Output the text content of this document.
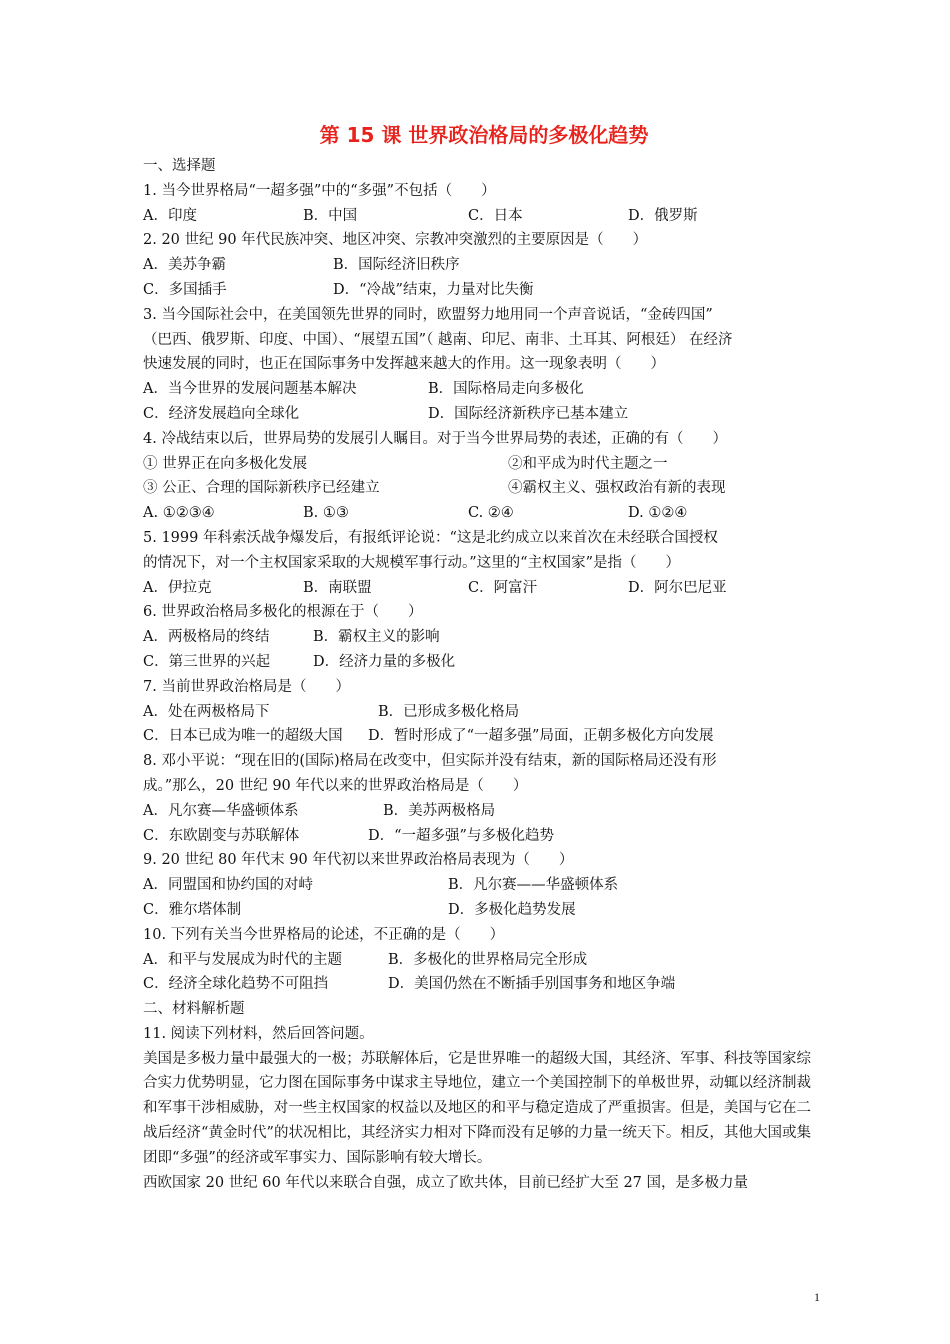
第 15 课 世界政治格局的多极化趋势
一、选择题
1. 当今世界格局“一超多强”中的“多强”不包括（　　）
A．印度	B．中国	C．日本	D．俄罗斯
2. 20 世纪 90 年代民族冲突、地区冲突、宗教冲突激烈的主要原因是（　　）
A．美苏争霸	B．国际经济旧秩序
C．多国插手	D．“冷战”结束，力量对比失衡
3. 当今国际社会中，在美国领先世界的同时，欧盟努力地用同一个声音说话，“金砖四国”
（巴西、俄罗斯、印度、中国）、“展望五国”（ 越南、印尼、南非、土耳其、阿根廷） 在经济
快速发展的同时，也正在国际事务中发挥越来越大的作用。这一现象表明（　　）
A．当今世界的发展问题基本解决	B．国际格局走向多极化
C．经济发展趋向全球化	D．国际经济新秩序已基本建立
4. 冷战结束以后，世界局势的发展引人瞩目。对于当今世界局势的表述，正确的有（　　）
① 世界正在向多极化发展	②和平成为时代主题之一
③ 公正、合理的国际新秩序已经建立	④霸权主义、强权政治有新的表现
A. ①②③④	B. ①③	C. ②④	D. ①②④
5. 1999 年科索沃战争爆发后，有报纸评论说：“这是北约成立以来首次在未经联合国授权
的情况下，对一个主权国家采取的大规模军事行动。”这里的“主权国家”是指（　　）
A．伊拉克	B．南联盟	C．阿富汗	D．阿尔巴尼亚
6. 世界政治格局多极化的根源在于（　　）
A．两极格局的终结	B．霸权主义的影响
C．第三世界的兴起	D．经济力量的多极化
7. 当前世界政治格局是（　　）
A．处在两极格局下	B．已形成多极化格局
C．日本已成为唯一的超级大国	D．暂时形成了“一超多强”局面，正朝多极化方向发展
8. 邓小平说：“现在旧的(国际)格局在改变中，但实际并没有结束，新的国际格局还没有形
成。”那么，20 世纪 90 年代以来的世界政治格局是（　　）
A．凡尔赛—华盛顿体系	B．美苏两极格局
C．东欧剧变与苏联解体	D．“一超多强”与多极化趋势
9. 20 世纪 80 年代末 90 年代初以来世界政治格局表现为（　　）
A．同盟国和协约国的对峙	B．凡尔赛——华盛顿体系
C．雅尔塔体制	D．多极化趋势发展
10. 下列有关当今世界格局的论述，不正确的是（　　）
A．和平与发展成为时代的主题	B．多极化的世界格局完全形成
C．经济全球化趋势不可阻挡	D．美国仍然在不断插手别国事务和地区争端
二、材料解析题
11. 阅读下列材料，然后回答问题。
美国是多极力量中最强大的一极；苏联解体后，它是世界唯一的超级大国，其经济、军事、科技等国家综合实力优势明显，它力图在国际事务中谋求主导地位，建立一个美国控制下的单极世界，动辄以经济制裁和军事干涉相威胁，对一些主权国家的权益以及地区的和平与稳定造成了严重损害。但是，美国与它在二战后经济“黄金时代”的状况相比，其经济实力相对下降而没有足够的力量一统天下。相反，其他大国或集团即“多强”的经济或军事实力、国际影响有较大增长。
西欧国家 20 世纪 60 年代以来联合自强，成立了欧共体，目前已经扩大至 27 国，是多极力量
1
